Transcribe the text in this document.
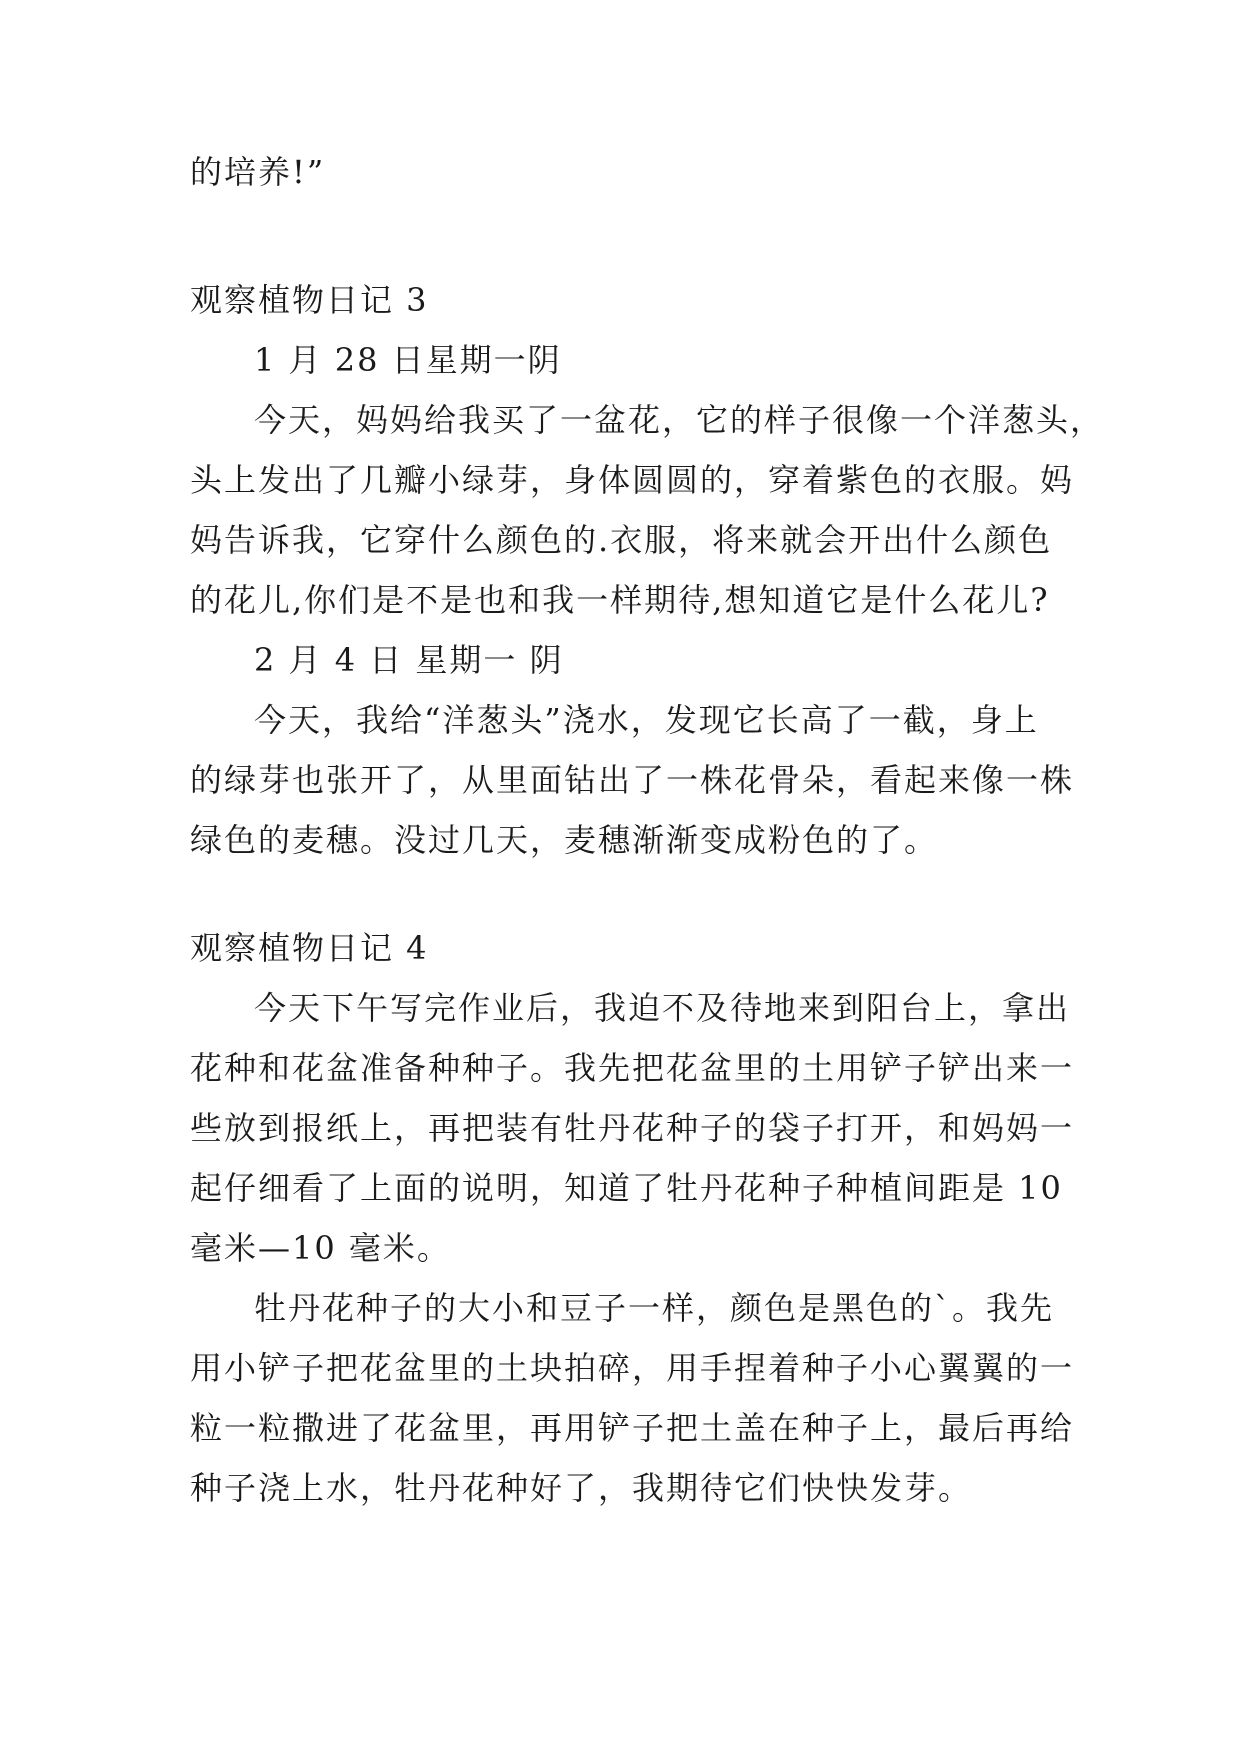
的培养!”
观察植物日记 3
1 月 28 日星期一阴
今天，妈妈给我买了一盆花，它的样子很像一个洋葱头，
头上发出了几瓣小绿芽，身体圆圆的，穿着紫色的衣服。妈
妈告诉我，它穿什么颜色的.衣服，将来就会开出什么颜色
的花儿,你们是不是也和我一样期待,想知道它是什么花儿?
2 月 4 日 星期一 阴
今天，我给“洋葱头”浇水，发现它长高了一截，身上
的绿芽也张开了，从里面钻出了一株花骨朵，看起来像一株
绿色的麦穗。没过几天，麦穗渐渐变成粉色的了。
观察植物日记 4
今天下午写完作业后，我迫不及待地来到阳台上，拿出
花种和花盆准备种种子。我先把花盆里的土用铲子铲出来一
些放到报纸上，再把装有牡丹花种子的袋子打开，和妈妈一
起仔细看了上面的说明，知道了牡丹花种子种植间距是 10
毫米—10 毫米。
牡丹花种子的大小和豆子一样，颜色是黑色的`。我先
用小铲子把花盆里的土块拍碎，用手捏着种子小心翼翼的一
粒一粒撒进了花盆里，再用铲子把土盖在种子上，最后再给
种子浇上水，牡丹花种好了，我期待它们快快发芽。
